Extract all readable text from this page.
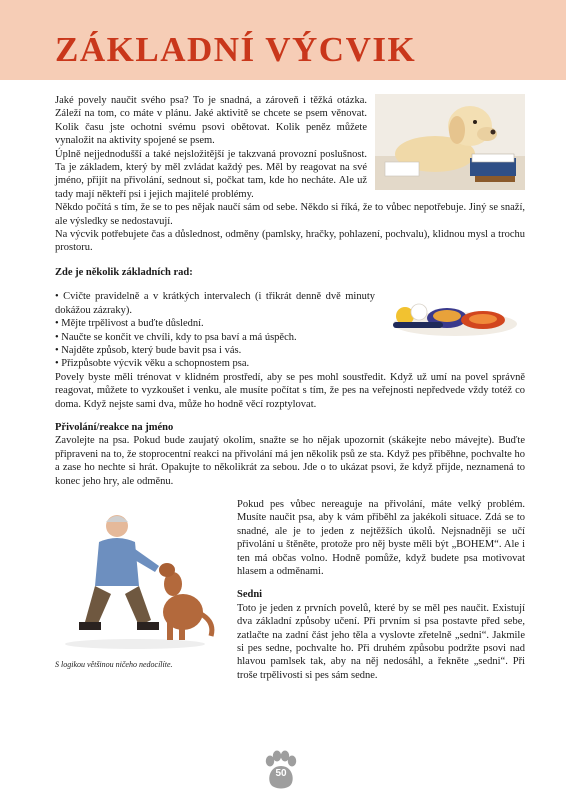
ZÁKLADNÍ VÝCVIK

Jaké povely naučit svého psa? To je snadná, a zároveň i těžká otázka. Záleží na tom, co máte v plánu. Jaké aktivitě se chcete se psem věnovat. Kolik času jste ochotni svému psovi obětovat. Kolik peněz můžete vynaložit na aktivity spojené se psem.

Úplně nejjednodušší a také nejsložitější je takzvaná provozní poslušnost. Ta je základem, který by měl zvládat každý pes. Měl by reagovat na své jméno, přijít na přivolání, sednout si, počkat tam, kde ho necháte. Ale už tady mají někteří psi i jejich majitelé problémy.

Někdo počítá s tím, že se to pes nějak naučí sám od sebe. Někdo si říká, že to vůbec nepotřebuje. Jiný se snaží, ale výsledky se nedostavují.

Na výcvik potřebujete čas a důslednost, odměny (pamlsky, hračky, pohlazení, pochvalu), klidnou mysl a trochu prostoru.

Zde je několik základních rad:

• Cvičte pravidelně a v krátkých intervalech (i třikrát denně dvě minuty dokážou zázraky).

• Mějte trpělivost a buďte důslední.

• Naučte se končit ve chvíli, kdy to psa baví a má úspěch.

• Najděte způsob, který bude bavit psa i vás.

• Přizpůsobte výcvik věku a schopnostem psa.

Povely byste měli trénovat v klidném prostředí, aby se pes mohl soustředit. Když už umí na povel správně reagovat, můžete to vyzkoušet i venku, ale musíte počítat s tím, že pes na veřejnosti nepředvede vždy totéž co doma. Když nejste sami dva, může ho hodně věcí rozptylovat.

Přivolání/reakce na jméno

Zavolejte na psa. Pokud bude zaujatý okolím, snažte se ho nějak upozornit (skákejte nebo mávejte). Buďte připraveni na to, že stoprocentní reakci na přivolání má jen několik psů ze sta. Když pes přiběhne, pochvalte ho a zase ho nechte si hrát. Opakujte to několikrát za sebou. Jde o to ukázat psovi, že když přijde, neznamená to konec jeho hry, ale odměnu.

S logikou většinou ničeho nedocílíte.

Pokud pes vůbec nereaguje na přivolání, máte velký problém. Musíte naučit psa, aby k vám přiběhl za jakékoli situace. Zdá se to snadné, ale je to jeden z nejtěžších úkolů. Nejsnadněji se učí přivolání u štěněte, protože pro něj byste měli být „BOHEM“. Ale i ten má občas volno. Hodně pomůže, když budete psa motivovat hlasem a odměnami.

Sedni

Toto je jeden z prvních povelů, které by se měl pes naučit. Existují dva základní způsoby učení. Při prvním si psa postavte před sebe, zatlačte na zadní část jeho těla a vyslovte zřetelně „sedni“. Jakmile si pes sedne, pochvalte ho. Při druhém způsobu podržte psovi nad hlavou pamlsek tak, aby na něj nedosáhl, a řekněte „sedni“. Při troše trpělivosti si pes sám sedne.

50
